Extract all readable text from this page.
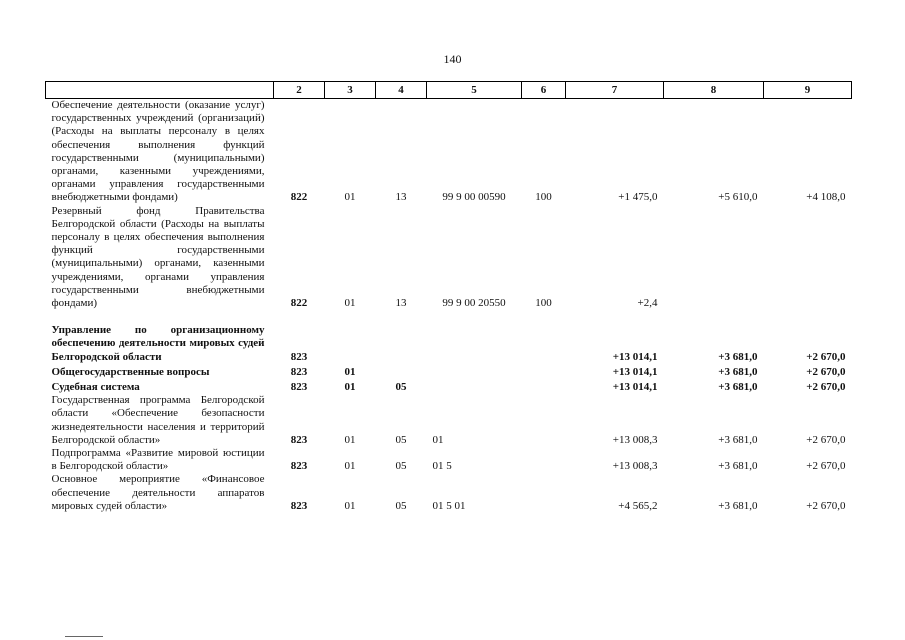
140
	2	3	4	5	6	7	8	9

Обеспечение деятельности (оказание услуг) государственных учреждений (организаций) (Расходы на выплаты персоналу в целях обеспечения выполнения функций государственными (муниципальными) органами, казенными учреждениями, органами управления государственными внебюджетными фондами)	822	01	13	99 9 00 00590	100	+1 475,0	+5 610,0	+4 108,0

Резервный фонд Правительства Белгородской области (Расходы на выплаты персоналу в целях обеспечения выполнения функций государственными (муниципальными) органами, казенными учреждениями, органами управления государственными внебюджетными фондами)	822	01	13	99 9 00 20550	100	+2,4		

Управление по организационному обеспечению деятельности мировых судей Белгородской области	823					+13 014,1	+3 681,0	+2 670,0

Общегосударственные вопросы	823	01				+13 014,1	+3 681,0	+2 670,0

Судебная система	823	01	05			+13 014,1	+3 681,0	+2 670,0

Государственная программа Белгородской области «Обеспечение безопасности жизнедеятельности населения и территорий Белгородской области»	823	01	05	01		+13 008,3	+3 681,0	+2 670,0

Подпрограмма «Развитие мировой юстиции в Белгородской области»	823	01	05	01 5		+13 008,3	+3 681,0	+2 670,0

Основное мероприятие «Финансовое обеспечение деятельности аппаратов мировых судей области»	823	01	05	01 5 01		+4 565,2	+3 681,0	+2 670,0
